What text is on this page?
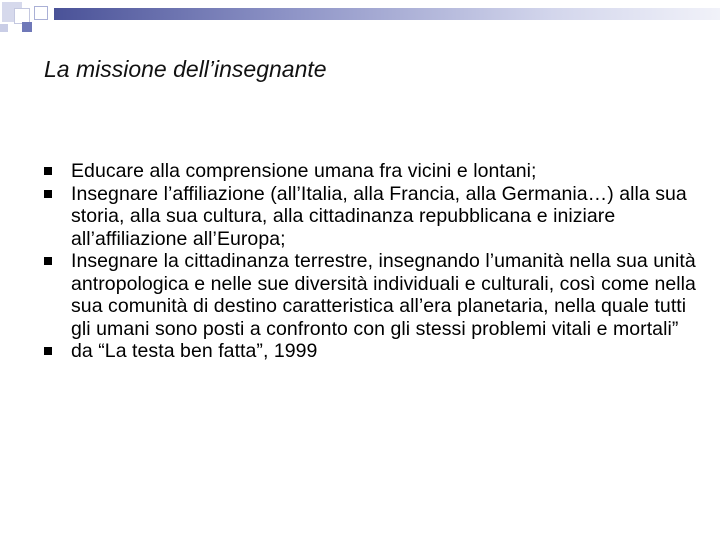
La missione dell’insegnante
Educare alla comprensione umana fra vicini e lontani;
Insegnare l’affiliazione (all’Italia, alla Francia, alla Germania…) alla sua storia, alla sua cultura, alla cittadinanza repubblicana e iniziare all’affiliazione all’Europa;
Insegnare la cittadinanza terrestre, insegnando l’umanità nella sua unità antropologica e nelle sue diversità individuali e culturali, così come nella sua comunità di destino caratteristica all’era planetaria, nella quale tutti gli umani sono posti a confronto con gli stessi problemi vitali e mortali”
da “La testa ben fatta”, 1999
